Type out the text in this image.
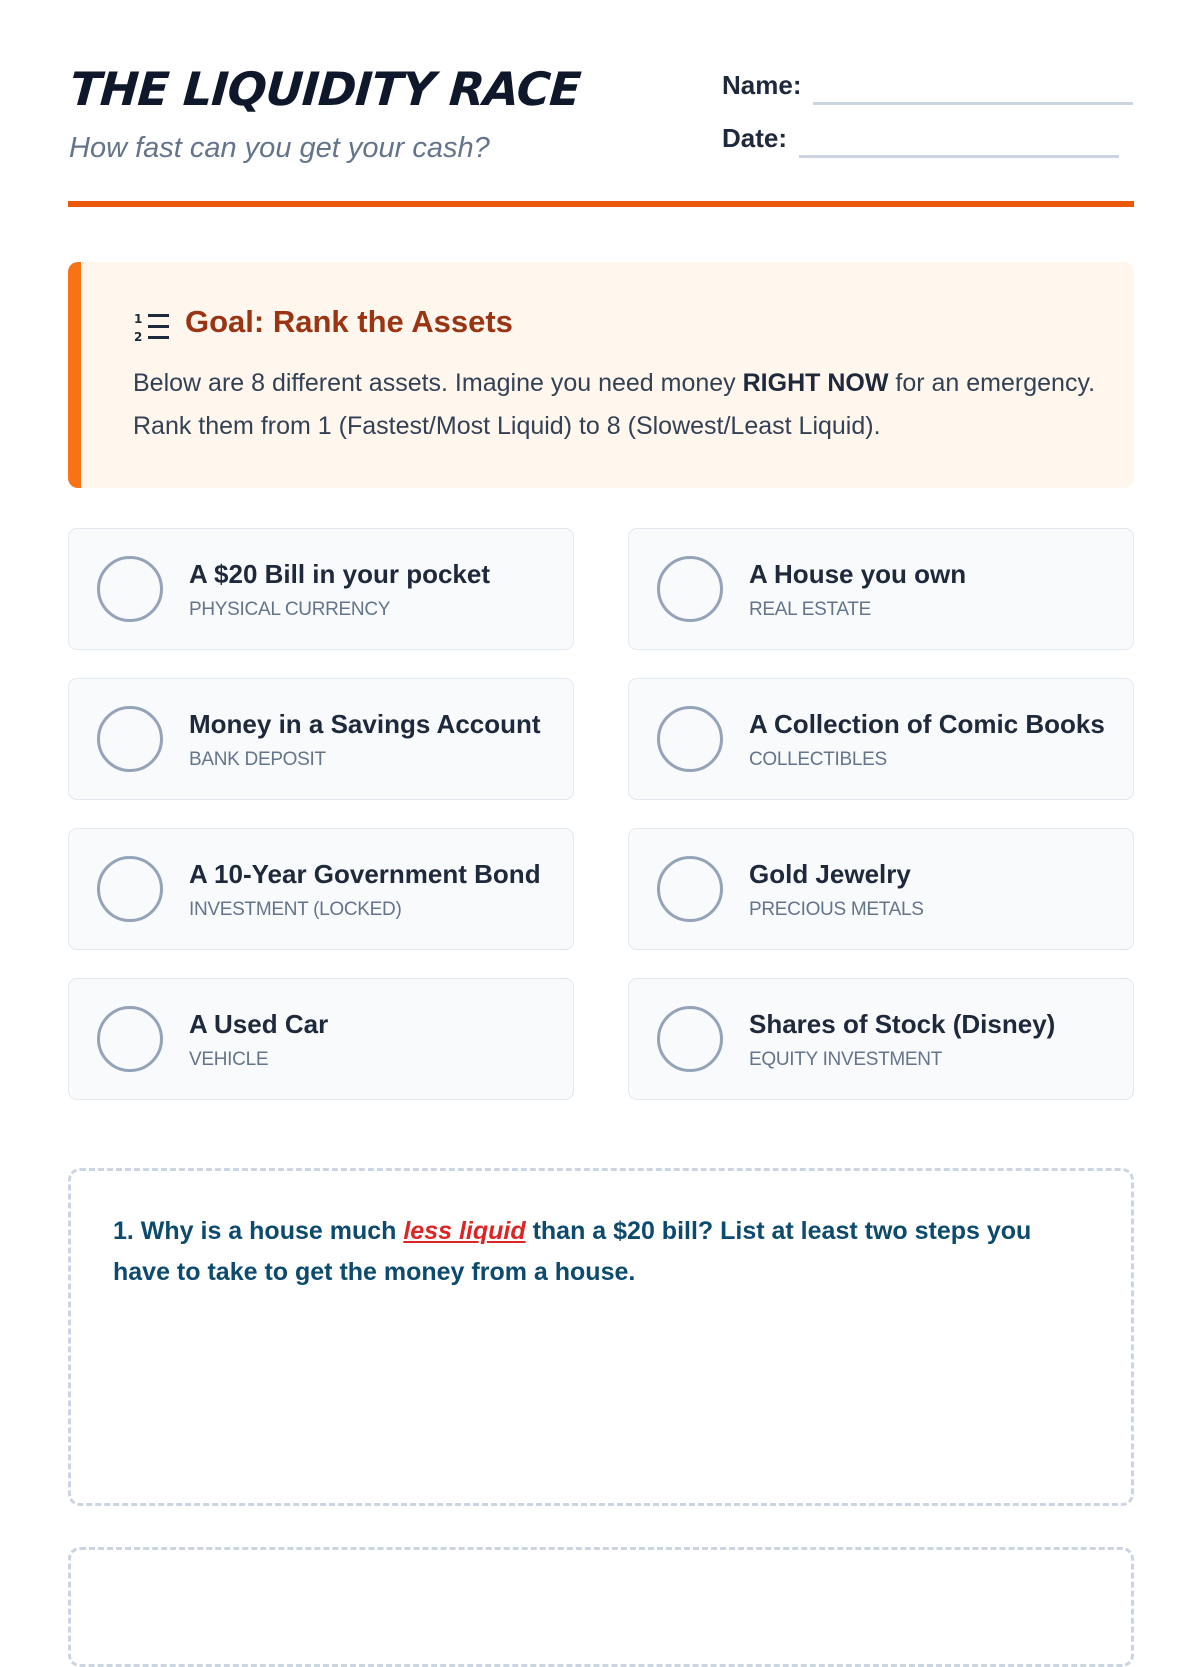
THE LIQUIDITY RACE
How fast can you get your cash?
Name:
Date:
1
2 Goal: Rank the Assets
Below are 8 different assets. Imagine you need money RIGHT NOW for an emergency. Rank them from 1 (Fastest/Most Liquid) to 8 (Slowest/Least Liquid).
A $20 Bill in your pocket
PHYSICAL CURRENCY
A House you own
REAL ESTATE
Money in a Savings Account
BANK DEPOSIT
A Collection of Comic Books
COLLECTIBLES
A 10-Year Government Bond
INVESTMENT (LOCKED)
Gold Jewelry
PRECIOUS METALS
A Used Car
VEHICLE
Shares of Stock (Disney)
EQUITY INVESTMENT
1. Why is a house much less liquid than a $20 bill? List at least two steps you have to take to get the money from a house.
